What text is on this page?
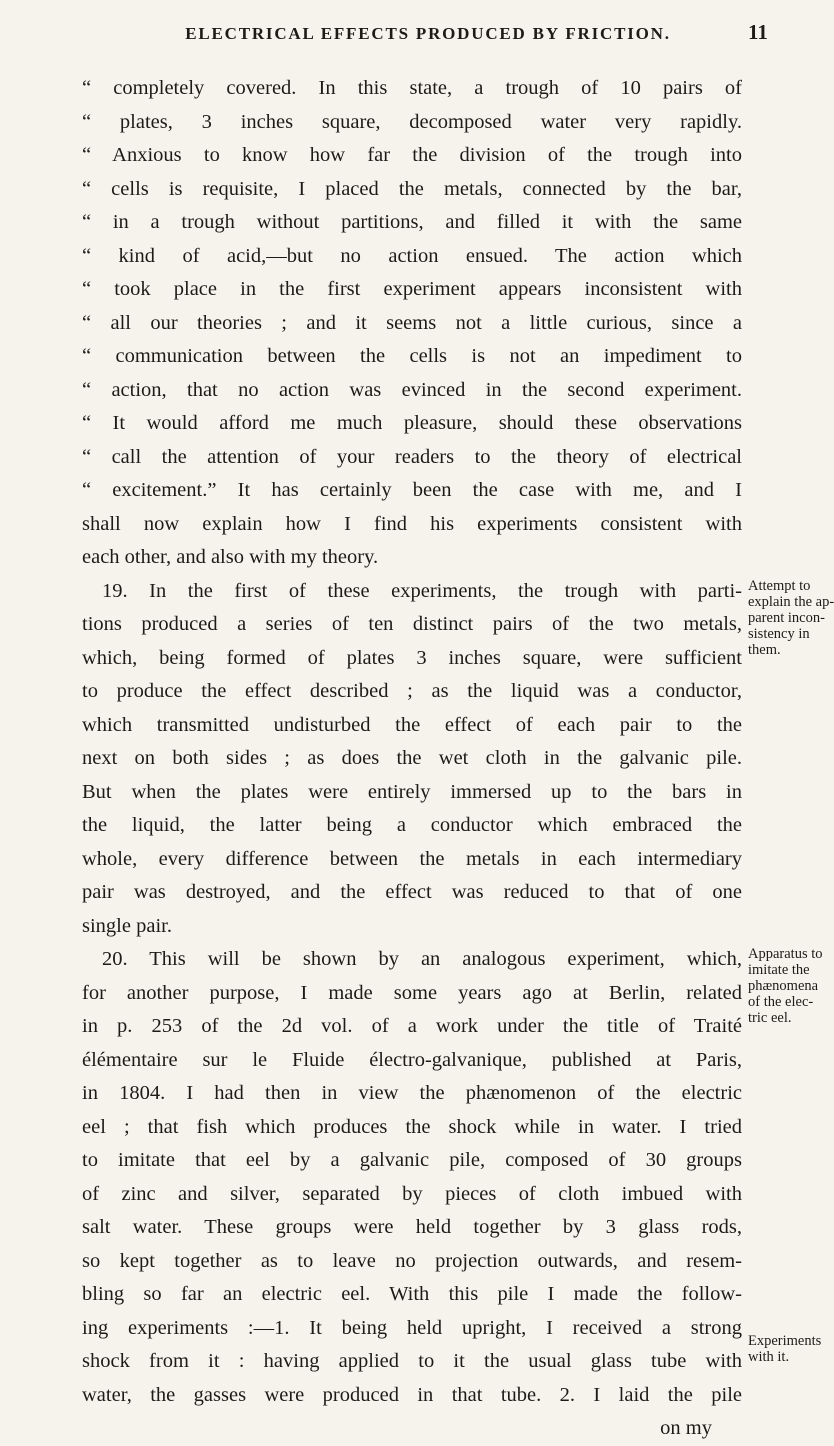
ELECTRICAL EFFECTS PRODUCED BY FRICTION.	11
“ completely covered. In this state, a trough of 10 pairs of
“ plates, 3 inches square, decomposed water very rapidly.
“ Anxious to know how far the division of the trough into
“ cells is requisite, I placed the metals, connected by the bar,
“ in a trough without partitions, and filled it with the same
“ kind of acid,—but no action ensued. The action which
“ took place in the first experiment appears inconsistent with
“ all our theories ; and it seems not a little curious, since a
“ communication between the cells is not an impediment to
“ action, that no action was evinced in the second experiment.
“ It would afford me much pleasure, should these observations
“ call the attention of your readers to the theory of electrical
“ excitement.” It has certainly been the case with me, and I
shall now explain how I find his experiments consistent with
each other, and also with my theory.
19. In the first of these experiments, the trough with parti-
tions produced a series of ten distinct pairs of the two metals,
which, being formed of plates 3 inches square, were sufficient
to produce the effect described ; as the liquid was a conductor,
which transmitted undisturbed the effect of each pair to the
next on both sides ; as does the wet cloth in the galvanic pile.
But when the plates were entirely immersed up to the bars in
the liquid, the latter being a conductor which embraced the
whole, every difference between the metals in each intermediary
pair was destroyed, and the effect was reduced to that of one
single pair.
20. This will be shown by an analogous experiment, which,
for another purpose, I made some years ago at Berlin, related
in p. 253 of the 2d vol. of a work under the title of Traité
élémentaire sur le Fluide électro-galvanique, published at Paris,
in 1804. I had then in view the phænomenon of the electric
eel ; that fish which produces the shock while in water. I tried
to imitate that eel by a galvanic pile, composed of 30 groups
of zinc and silver, separated by pieces of cloth imbued with
salt water. These groups were held together by 3 glass rods,
so kept together as to leave no projection outwards, and resem-
bling so far an electric eel. With this pile I made the follow-
ing experiments :—1. It being held upright, I received a strong
shock from it : having applied to it the usual glass tube with
water, the gasses were produced in that tube. 2. I laid the pile
on my
Attempt to
explain the ap-
parent incon-
sistency in
them.
Apparatus to
imitate the
phænomena
of the elec-
tric eel.
Experiments
with it.
